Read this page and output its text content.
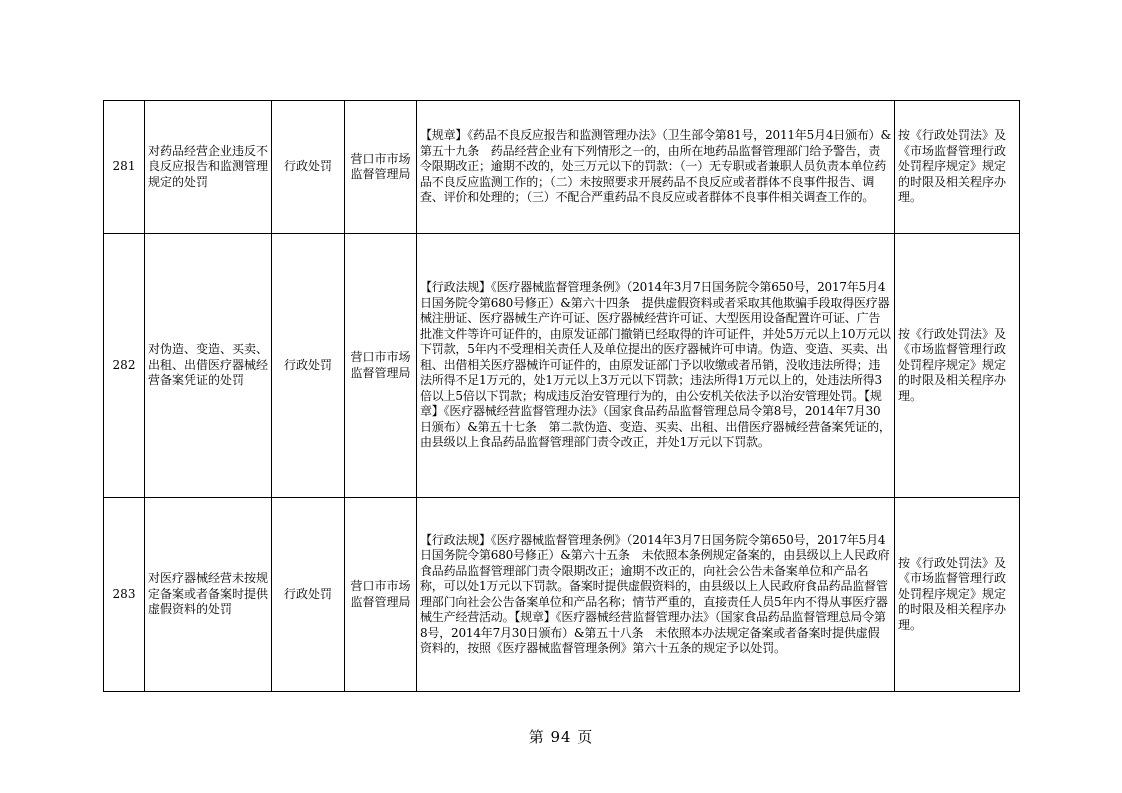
281	对药品经营企业违反不良反应报告和监测管理规定的处罚	行政处罚	营口市市场监督管理局	【规章】《药品不良反应报告和监测管理办法》（卫生部令第81号，2011年5月4日颁布）&第五十九条　药品经营企业有下列情形之一的，由所在地药品监督管理部门给予警告，责令限期改正；逾期不改的，处三万元以下的罚款：（一）无专职或者兼职人员负责本单位药品不良反应监测工作的；（二）未按照要求开展药品不良反应或者群体不良事件报告、调查、评价和处理的；（三）不配合严重药品不良反应或者群体不良事件相关调查工作的。	按《行政处罚法》及《市场监督管理行政处罚程序规定》规定的时限及相关程序办理。
282	对伪造、变造、买卖、出租、出借医疗器械经营备案凭证的处罚	行政处罚	营口市市场监督管理局	【行政法规】《医疗器械监督管理条例》（2014年3月7日国务院令第650号，2017年5月4日国务院令第680号修正）&第六十四条　提供虚假资料或者采取其他欺骗手段取得医疗器械注册证、医疗器械生产许可证、医疗器械经营许可证、大型医用设备配置许可证、广告批准文件等许可证件的，由原发证部门撤销已经取得的许可证件，并处5万元以上10万元以下罚款，5年内不受理相关责任人及单位提出的医疗器械许可申请。伪造、变造、买卖、出租、出借相关医疗器械许可证件的，由原发证部门予以收缴或者吊销，没收违法所得；违法所得不足1万元的，处1万元以上3万元以下罚款；违法所得1万元以上的，处违法所得3倍以上5倍以下罚款；构成违反治安管理行为的，由公安机关依法予以治安管理处罚。【规章】《医疗器械经营监督管理办法》（国家食品药品监督管理总局令第8号，2014年7月30日颁布）&第五十七条　第二款伪造、变造、买卖、出租、出借医疗器械经营备案凭证的，由县级以上食品药品监督管理部门责令改正，并处1万元以下罚款。	按《行政处罚法》及《市场监督管理行政处罚程序规定》规定的时限及相关程序办理。
283	对医疗器械经营未按规定备案或者备案时提供虚假资料的处罚	行政处罚	营口市市场监督管理局	【行政法规】《医疗器械监督管理条例》（2014年3月7日国务院令第650号，2017年5月4日国务院令第680号修正）&第六十五条　未依照本条例规定备案的，由县级以上人民政府食品药品监督管理部门责令限期改正；逾期不改正的，向社会公告未备案单位和产品名称，可以处1万元以下罚款。备案时提供虚假资料的，由县级以上人民政府食品药品监督管理部门向社会公告备案单位和产品名称；情节严重的，直接责任人员5年内不得从事医疗器械生产经营活动。【规章】《医疗器械经营监督管理办法》（国家食品药品监督管理总局令第8号，2014年7月30日颁布）&第五十八条　未依照本办法规定备案或者备案时提供虚假资料的，按照《医疗器械监督管理条例》第六十五条的规定予以处罚。	按《行政处罚法》及《市场监督管理行政处罚程序规定》规定的时限及相关程序办理。
第 94 页
